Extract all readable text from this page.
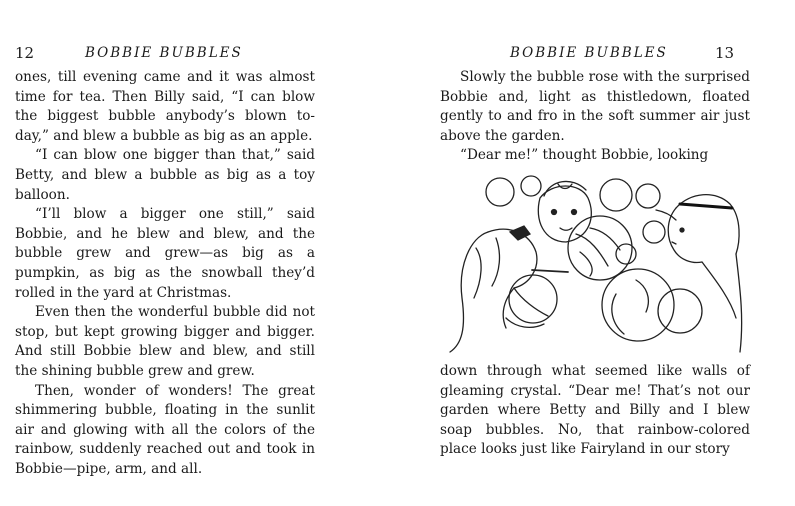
12	BOBBIE BUBBLES

ones, till evening came and it was almost time for tea. Then Billy said, “I can blow the biggest bubble anybody’s blown to-day,” and blew a bubble as big as an apple.

“I can blow one bigger than that,” said Betty, and blew a bubble as big as a toy balloon.

“I’ll blow a bigger one still,” said Bobbie, and he blew and blew, and the bubble grew and grew—as big as a pumpkin, as big as the snowball they’d rolled in the yard at Christmas.

Even then the wonderful bubble did not stop, but kept growing bigger and bigger. And still Bobbie blew and blew, and still the shining bubble grew and grew.

Then, wonder of wonders! The great shimmering bubble, floating in the sunlit air and glowing with all the colors of the rainbow, suddenly reached out and took in Bobbie—pipe, arm, and all.

BOBBIE BUBBLES	13

Slowly the bubble rose with the surprised Bobbie and, light as thistledown, floated gently to and fro in the soft summer air just above the garden.

“Dear me!” thought Bobbie, looking

down through what seemed like walls of gleaming crystal. “Dear me! That’s not our garden where Betty and Billy and I blew soap bubbles. No, that rainbow-colored place looks just like Fairyland in our story
